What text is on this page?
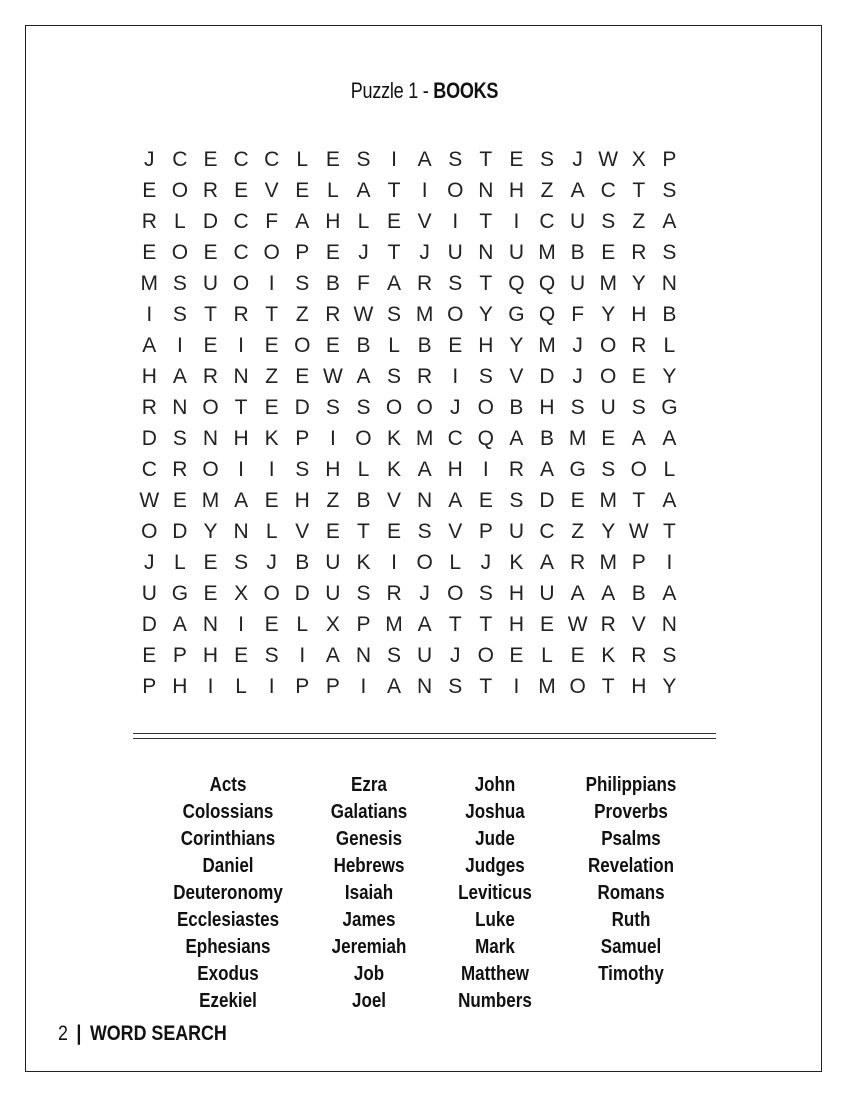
Puzzle 1 - BOOKS
J C E C C L E S I A S T E S J W X P
E O R E V E L A T I O N H Z A C T S
R L D C F A H L E V I T I C U S Z A
E O E C O P E J T J U N U M B E R S
M S U O I S B F A R S T Q Q U M Y N
I S T R T Z R W S M O Y G Q F Y H B
A I E I E O E B L B E H Y M J O R L
H A R N Z E W A S R I S V D J O E Y
R N O T E D S S O O J O B H S U S G
D S N H K P I O K M C Q A B M E A A
C R O I I S H L K A H I R A G S O L
W E M A E H Z B V N A E S D E M T A
O D Y N L V E T E S V P U C Z Y W T
J L E S J B U K I O L J K A R M P I
U G E X O D U S R J O S H U A A B A
D A N I E L X P M A T T H E W R V N
E P H E S I A N S U J O E L E K R S
P H I L I P P I A N S T I M O T H Y
Acts
Colossians
Corinthians
Daniel
Deuteronomy
Ecclesiastes
Ephesians
Exodus
Ezekiel
Ezra
Galatians
Genesis
Hebrews
Isaiah
James
Jeremiah
Job
Joel
John
Joshua
Jude
Judges
Leviticus
Luke
Mark
Matthew
Numbers
Philippians
Proverbs
Psalms
Revelation
Romans
Ruth
Samuel
Timothy
2 | WORD SEARCH
